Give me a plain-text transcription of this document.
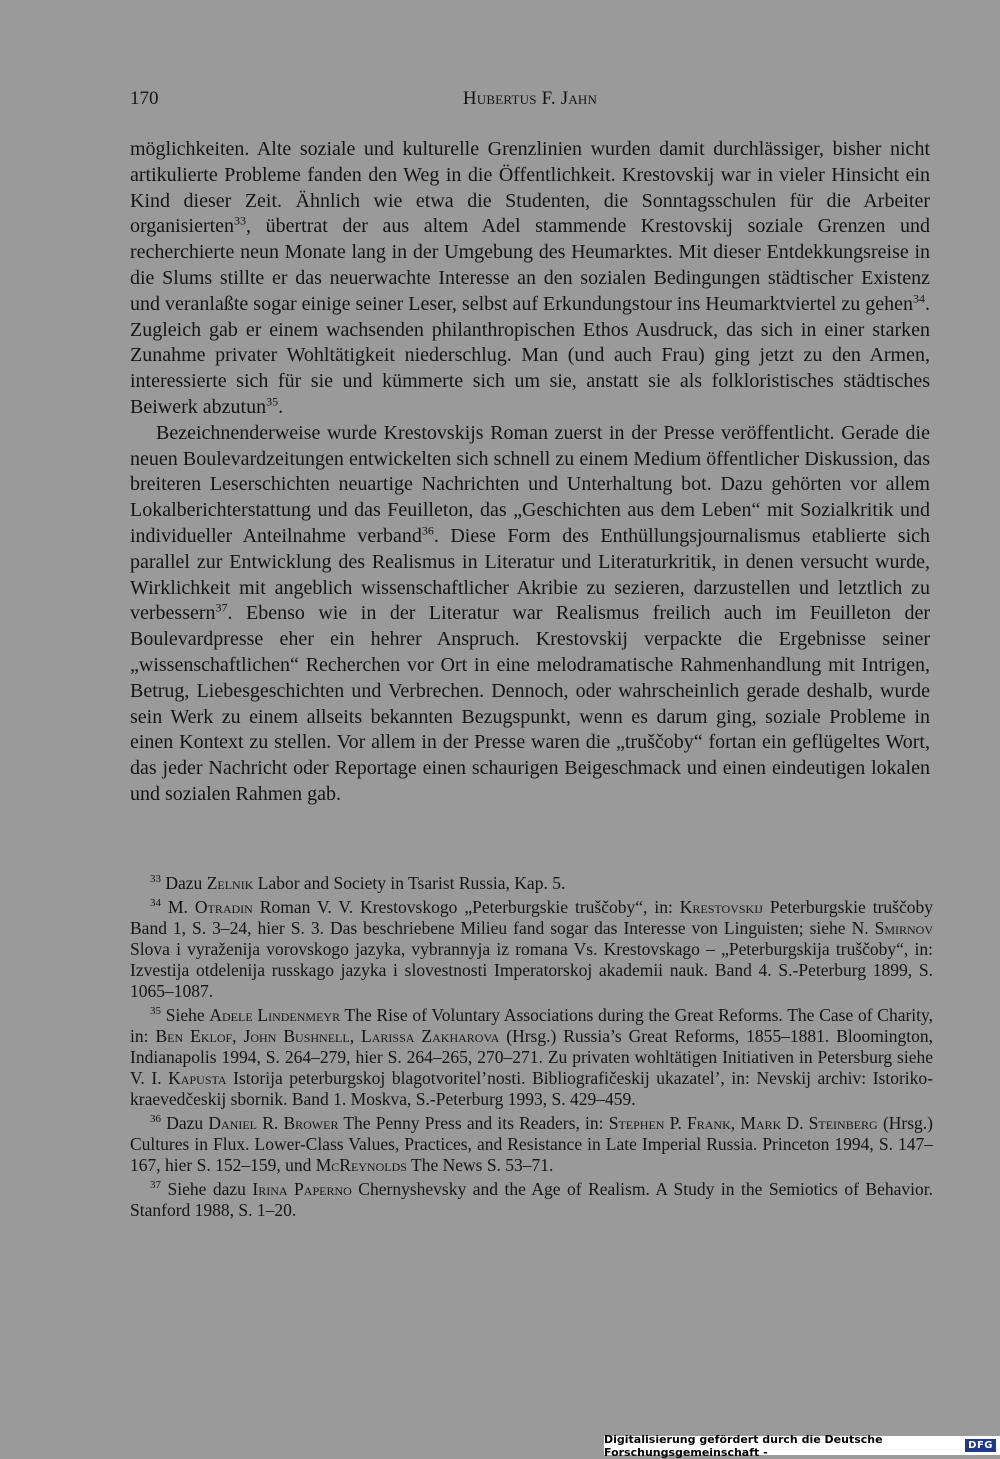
170	Hubertus F. Jahn

möglichkeiten. Alte soziale und kulturelle Grenzlinien wurden damit durchlässiger, bisher nicht artikulierte Probleme fanden den Weg in die Öffentlichkeit. Krestovskij war in vieler Hinsicht ein Kind dieser Zeit. Ähnlich wie etwa die Studenten, die Sonntagsschulen für die Arbeiter organisierten$^{33}$, übertrat der aus altem Adel stammende Krestovskij soziale Grenzen und recherchierte neun Monate lang in der Umgebung des Heumarktes. Mit dieser Entdekkungsreise in die Slums stillte er das neuerwachte Interesse an den sozialen Bedingungen städtischer Existenz und veranlaßte sogar einige seiner Leser, selbst auf Erkundungstour ins Heumarktviertel zu gehen$^{34}$. Zugleich gab er einem wachsenden philanthropischen Ethos Ausdruck, das sich in einer starken Zunahme privater Wohltätigkeit niederschlug. Man (und auch Frau) ging jetzt zu den Armen, interessierte sich für sie und kümmerte sich um sie, anstatt sie als folkloristisches städtisches Beiwerk abzutun$^{35}$.

Bezeichnenderweise wurde Krestovskijs Roman zuerst in der Presse veröffentlicht. Gerade die neuen Boulevardzeitungen entwickelten sich schnell zu einem Medium öffentlicher Diskussion, das breiteren Leserschichten neuartige Nachrichten und Unterhaltung bot. Dazu gehörten vor allem Lokalberichterstattung und das Feuilleton, das „Geschichten aus dem Leben“ mit Sozialkritik und individueller Anteilnahme verband$^{36}$. Diese Form des Enthüllungsjournalismus etablierte sich parallel zur Entwicklung des Realismus in Literatur und Literaturkritik, in denen versucht wurde, Wirklichkeit mit angeblich wissenschaftlicher Akribie zu sezieren, darzustellen und letztlich zu verbessern$^{37}$. Ebenso wie in der Literatur war Realismus freilich auch im Feuilleton der Boulevardpresse eher ein hehrer Anspruch. Krestovskij verpackte die Ergebnisse seiner „wissenschaftlichen“ Recherchen vor Ort in eine melodramatische Rahmenhandlung mit Intrigen, Betrug, Liebesgeschichten und Verbrechen. Dennoch, oder wahrscheinlich gerade deshalb, wurde sein Werk zu einem allseits bekannten Bezugspunkt, wenn es darum ging, soziale Probleme in einen Kontext zu stellen. Vor allem in der Presse waren die „truščoby“ fortan ein geflügeltes Wort, das jeder Nachricht oder Reportage einen schaurigen Beigeschmack und einen eindeutigen lokalen und sozialen Rahmen gab.

$^{33}$ Dazu Zelnik Labor and Society in Tsarist Russia, Kap. 5.

$^{34}$ M. Otradin Roman V. V. Krestovskogo „Peterburgskie truščoby“, in: Krestovskij Peterburgskie truščoby Band 1, S. 3–24, hier S. 3. Das beschriebene Milieu fand sogar das Interesse von Linguisten; siehe N. Smirnov Slova i vyraženija vorovskogo jazyka, vybrannyja iz romana Vs. Krestovskago – „Peterburgskija truščoby“, in: Izvestija otdelenija russkago jazyka i slovestnosti Imperatorskoj akademii nauk. Band 4. S.-Peterburg 1899, S. 1065–1087.

$^{35}$ Siehe Adele Lindenmeyr The Rise of Voluntary Associations during the Great Reforms. The Case of Charity, in: Ben Eklof, John Bushnell, Larissa Zakharova (Hrsg.) Russia’s Great Reforms, 1855–1881. Bloomington, Indianapolis 1994, S. 264–279, hier S. 264–265, 270–271. Zu privaten wohltätigen Initiativen in Petersburg siehe V. I. Kapusta Istorija peterburgskoj blagotvoritel’nosti. Bibliografičeskij ukazatel’, in: Nevskij archiv: Istoriko-kraevedčeskij sbornik. Band 1. Moskva, S.-Peterburg 1993, S. 429–459.

$^{36}$ Dazu Daniel R. Brower The Penny Press and its Readers, in: Stephen P. Frank, Mark D. Steinberg (Hrsg.) Cultures in Flux. Lower-Class Values, Practices, and Resistance in Late Imperial Russia. Princeton 1994, S. 147–167, hier S. 152–159, und McReynolds The News S. 53–71.

$^{37}$ Siehe dazu Irina Paperno Chernyshevsky and the Age of Realism. A Study in the Semiotics of Behavior. Stanford 1988, S. 1–20.

Digitalisierung gefördert durch die Deutsche Forschungsgemeinschaft -	DFG
